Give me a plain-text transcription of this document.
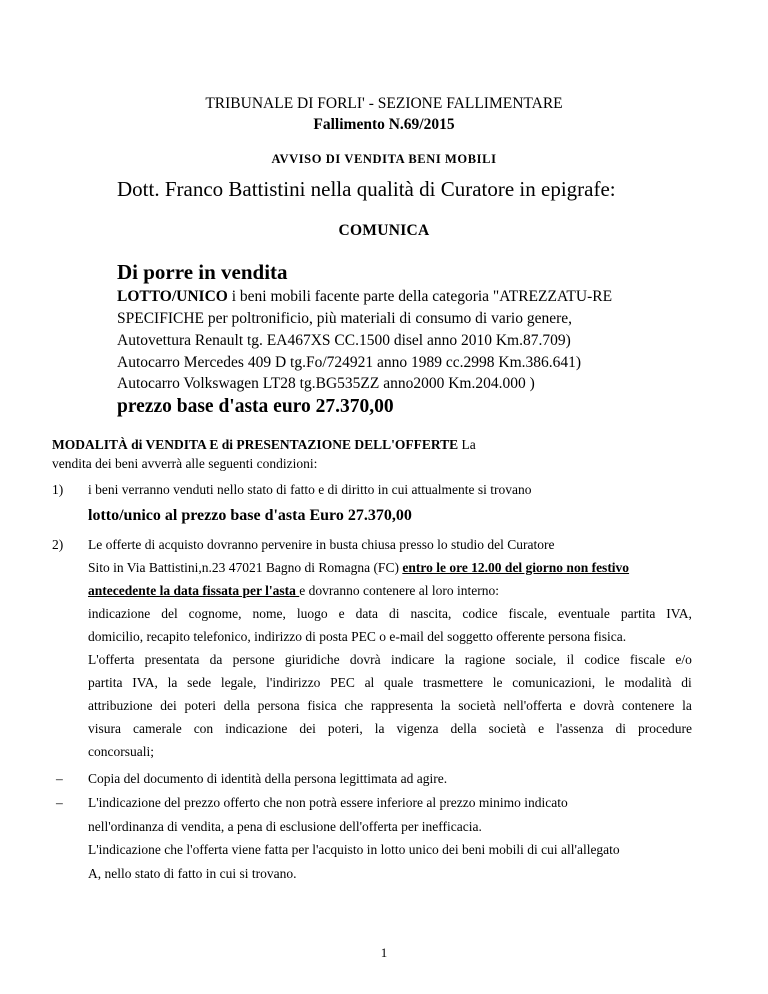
TRIBUNALE DI FORLI' - SEZIONE FALLIMENTARE
Fallimento N.69/2015
AVVISO DI VENDITA BENI MOBILI
Dott. Franco Battistini nella qualità di Curatore in epigrafe:
COMUNICA
Di porre in vendita
LOTTO/UNICO i beni mobili facente parte della categoria "ATREZZATU-RE
SPECIFICHE per poltronificio, più materiali di consumo di vario genere,
Autovettura Renault tg. EA467XS CC.1500 disel anno 2010 Km.87.709)
Autocarro Mercedes 409 D tg.Fo/724921 anno 1989 cc.2998 Km.386.641)
Autocarro Volkswagen LT28 tg.BG535ZZ anno2000 Km.204.000 )
prezzo base d'asta euro 27.370,00
MODALITÀ di VENDITA E di PRESENTAZIONE DELL'OFFERTE La
vendita dei beni avverrà alle seguenti condizioni:
1) i beni verranno venduti nello stato di fatto e di diritto in cui attualmente si trovano
lotto/unico al prezzo base d'asta Euro 27.370,00
2) Le offerte di acquisto dovranno pervenire in busta chiusa presso lo studio del Curatore
Sito in Via Battistini,n.23 47021 Bagno di Romagna (FC) entro le ore 12.00 del giorno non festivo
antecedente la data fissata per l'asta e dovranno contenere al loro interno:
indicazione del cognome, nome, luogo e data di nascita, codice fiscale, eventuale partita IVA,
domicilio, recapito telefonico, indirizzo di posta PEC o e-mail del soggetto offerente persona fisica.
L'offerta presentata da persone giuridiche dovrà indicare la ragione sociale, il codice fiscale e/o
partita IVA, la sede legale, l'indirizzo PEC al quale trasmettere le comunicazioni, le modalità di
attribuzione dei poteri della persona fisica che rappresenta la società nell'offerta e dovrà contenere la
visura camerale con indicazione dei poteri, la vigenza della società e l'assenza di procedure
concorsuali;
– Copia del documento di identità della persona legittimata ad agire.
– L'indicazione del prezzo offerto che non potrà essere inferiore al prezzo minimo indicato
nell'ordinanza di vendita, a pena di esclusione dell'offerta per inefficacia.
L'indicazione che l'offerta viene fatta per l'acquisto in lotto unico dei beni mobili di cui all'allegato
A, nello stato di fatto in cui si trovano.
1
